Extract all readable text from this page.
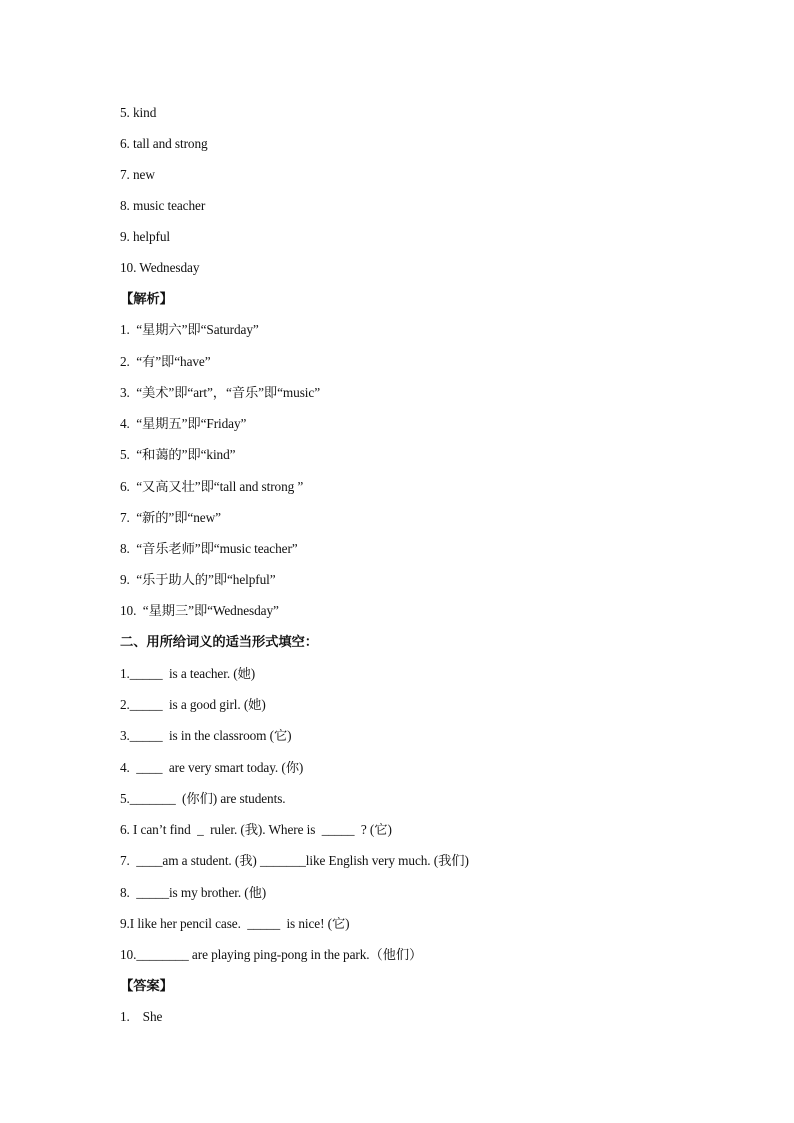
5. kind
6. tall and strong
7. new
8. music teacher
9. helpful
10. Wednesday
【解析】
1.  “星期六”即“Saturday”
2.  “有”即“have”
3.  “美术”即“art”，“音乐”即“music”
4.  “星期五”即“Friday”
5.  “和蔼的”即“kind”
6.  “又高又壮”即“tall and strong ”
7.  “新的”即“new”
8.  “音乐老师”即“music teacher”
9.  “乐于助人的”即“helpful”
10.  “星期三”即“Wednesday”
二、用所给词义的适当形式填空：
1._____  is a teacher. (她)
2._____  is a good girl. (她)
3._____  is in the classroom (它)
4.  ____  are very smart today. (你)
5._______  (你们) are students.
6. I can’t find  _  ruler. (我). Where is  _____  ? (它)
7.  ____am a student. (我) _______like English very much. (我们)
8.  _____is my brother. (他)
9.I like her pencil case.  _____  is nice! (它)
10.________ are playing ping-pong in the park.（他们）
【答案】
1.    She
